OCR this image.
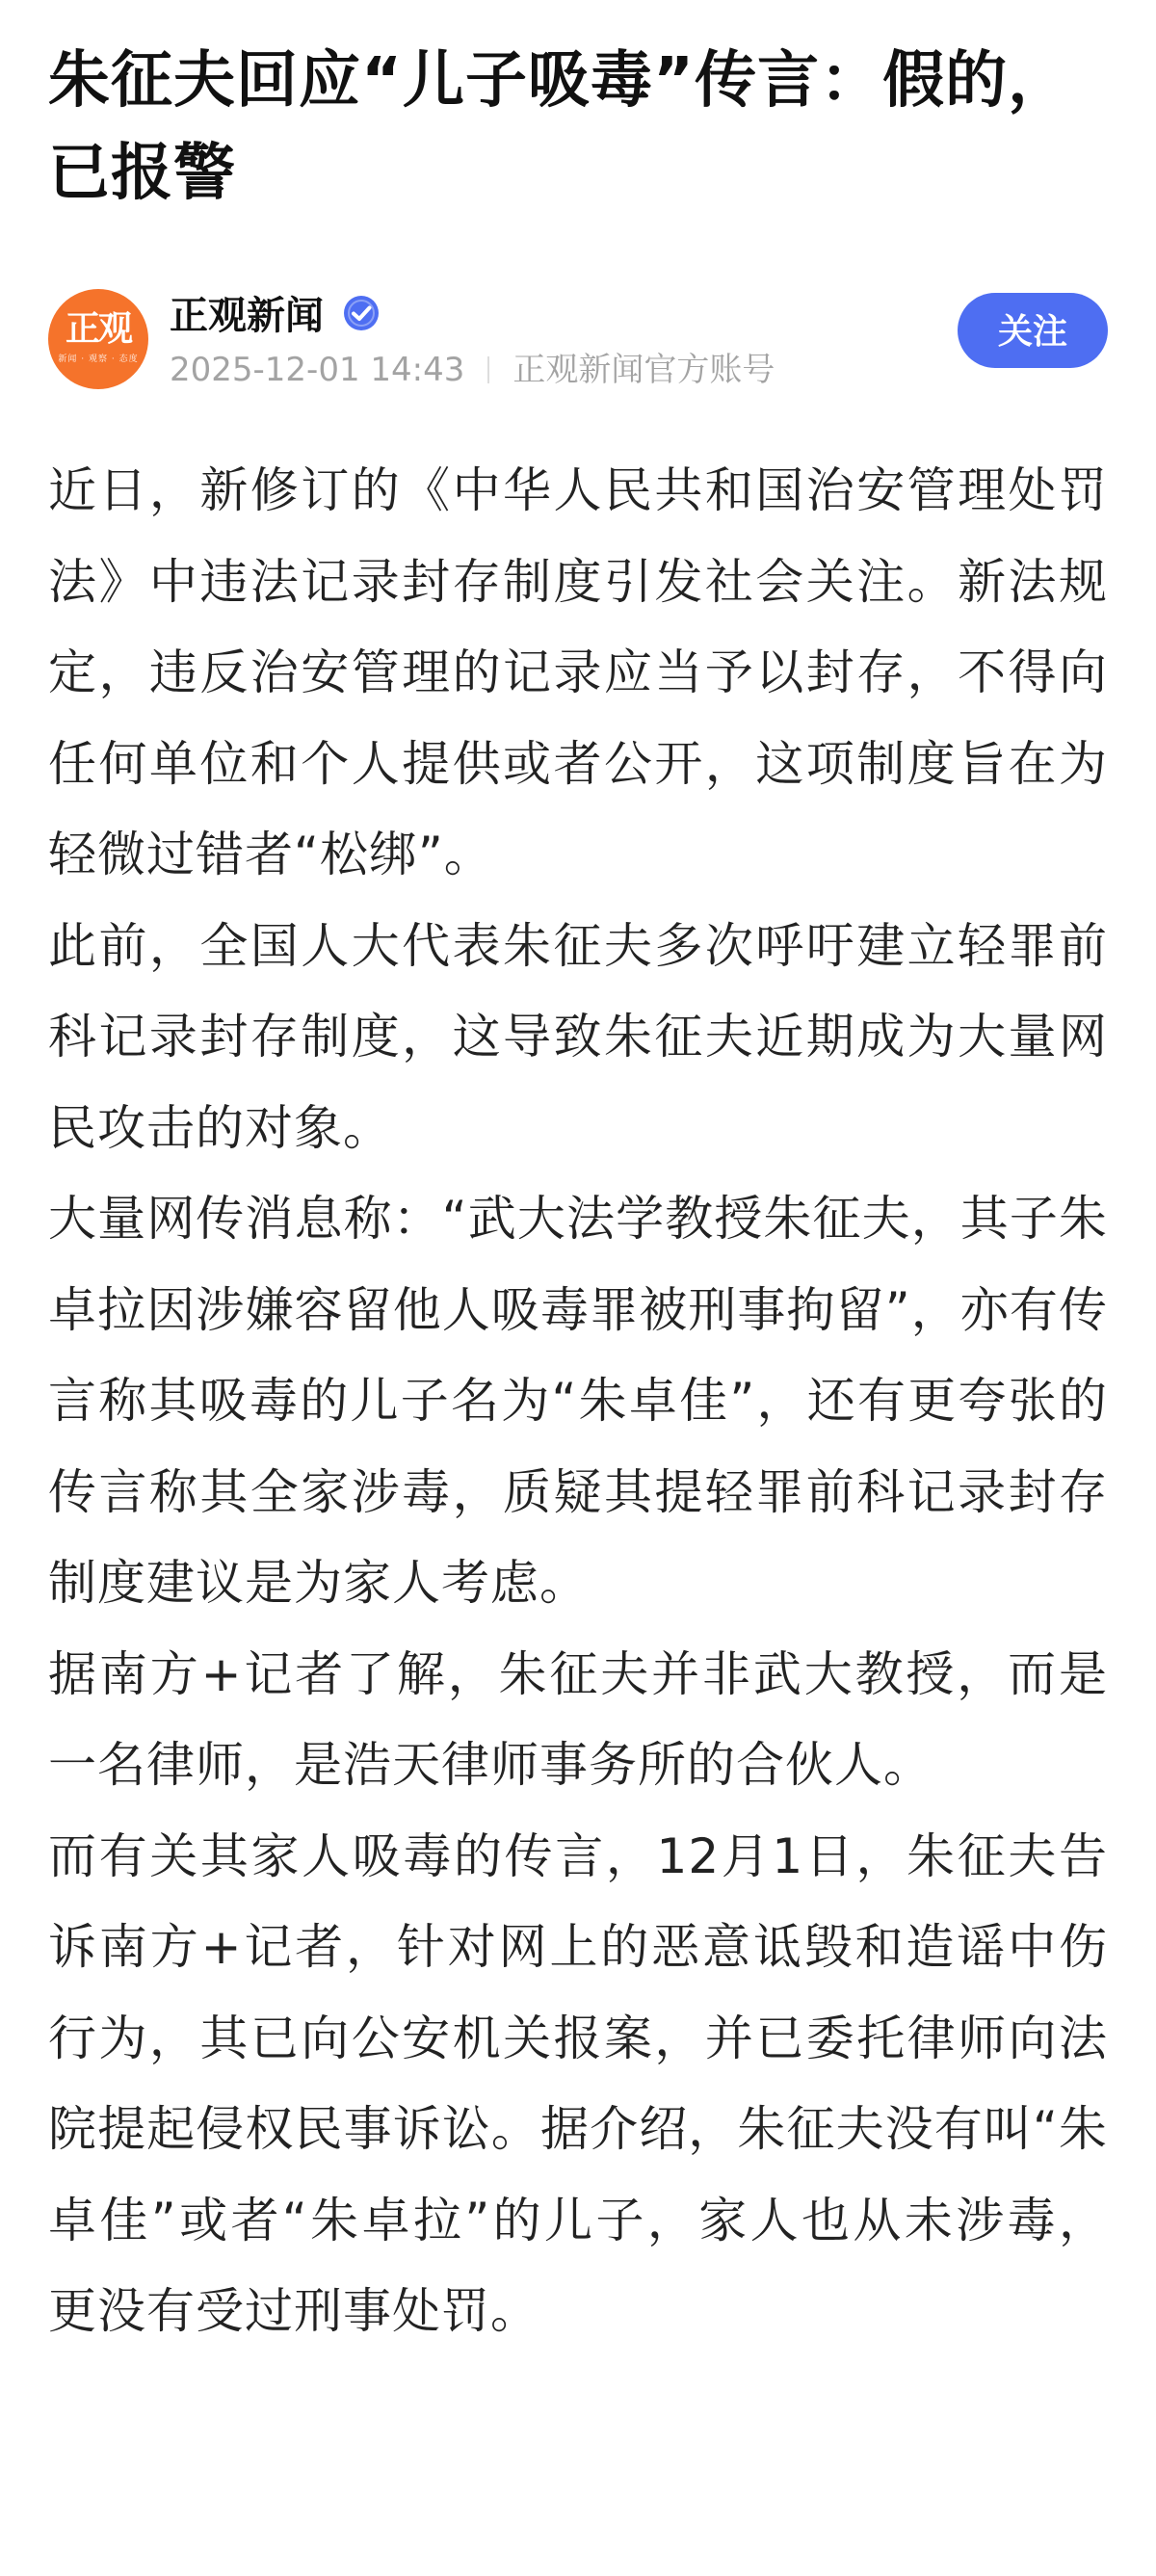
朱征夫回应“儿子吸毒”传言：假的，已报警
正观
新闻 · 观察 · 态度
正观新闻
2025-12-01 14:43 正观新闻官方账号
关注

近日，新修订的《中华人民共和国治安管理处罚法》中违法记录封存制度引发社会关注。新法规定，违反治安管理的记录应当予以封存，不得向任何单位和个人提供或者公开，这项制度旨在为轻微过错者“松绑”。

此前，全国人大代表朱征夫多次呼吁建立轻罪前科记录封存制度，这导致朱征夫近期成为大量网民攻击的对象。

大量网传消息称：“武大法学教授朱征夫，其子朱卓拉因涉嫌容留他人吸毒罪被刑事拘留”，亦有传言称其吸毒的儿子名为“朱卓佳”，还有更夸张的传言称其全家涉毒，质疑其提轻罪前科记录封存制度建议是为家人考虑。

据南方+记者了解，朱征夫并非武大教授，而是一名律师，是浩天律师事务所的合伙人。

而有关其家人吸毒的传言，12月1日，朱征夫告诉南方+记者，针对网上的恶意诋毁和造谣中伤行为，其已向公安机关报案，并已委托律师向法院提起侵权民事诉讼。据介绍，朱征夫没有叫“朱卓佳”或者“朱卓拉”的儿子，家人也从未涉毒，更没有受过刑事处罚。
